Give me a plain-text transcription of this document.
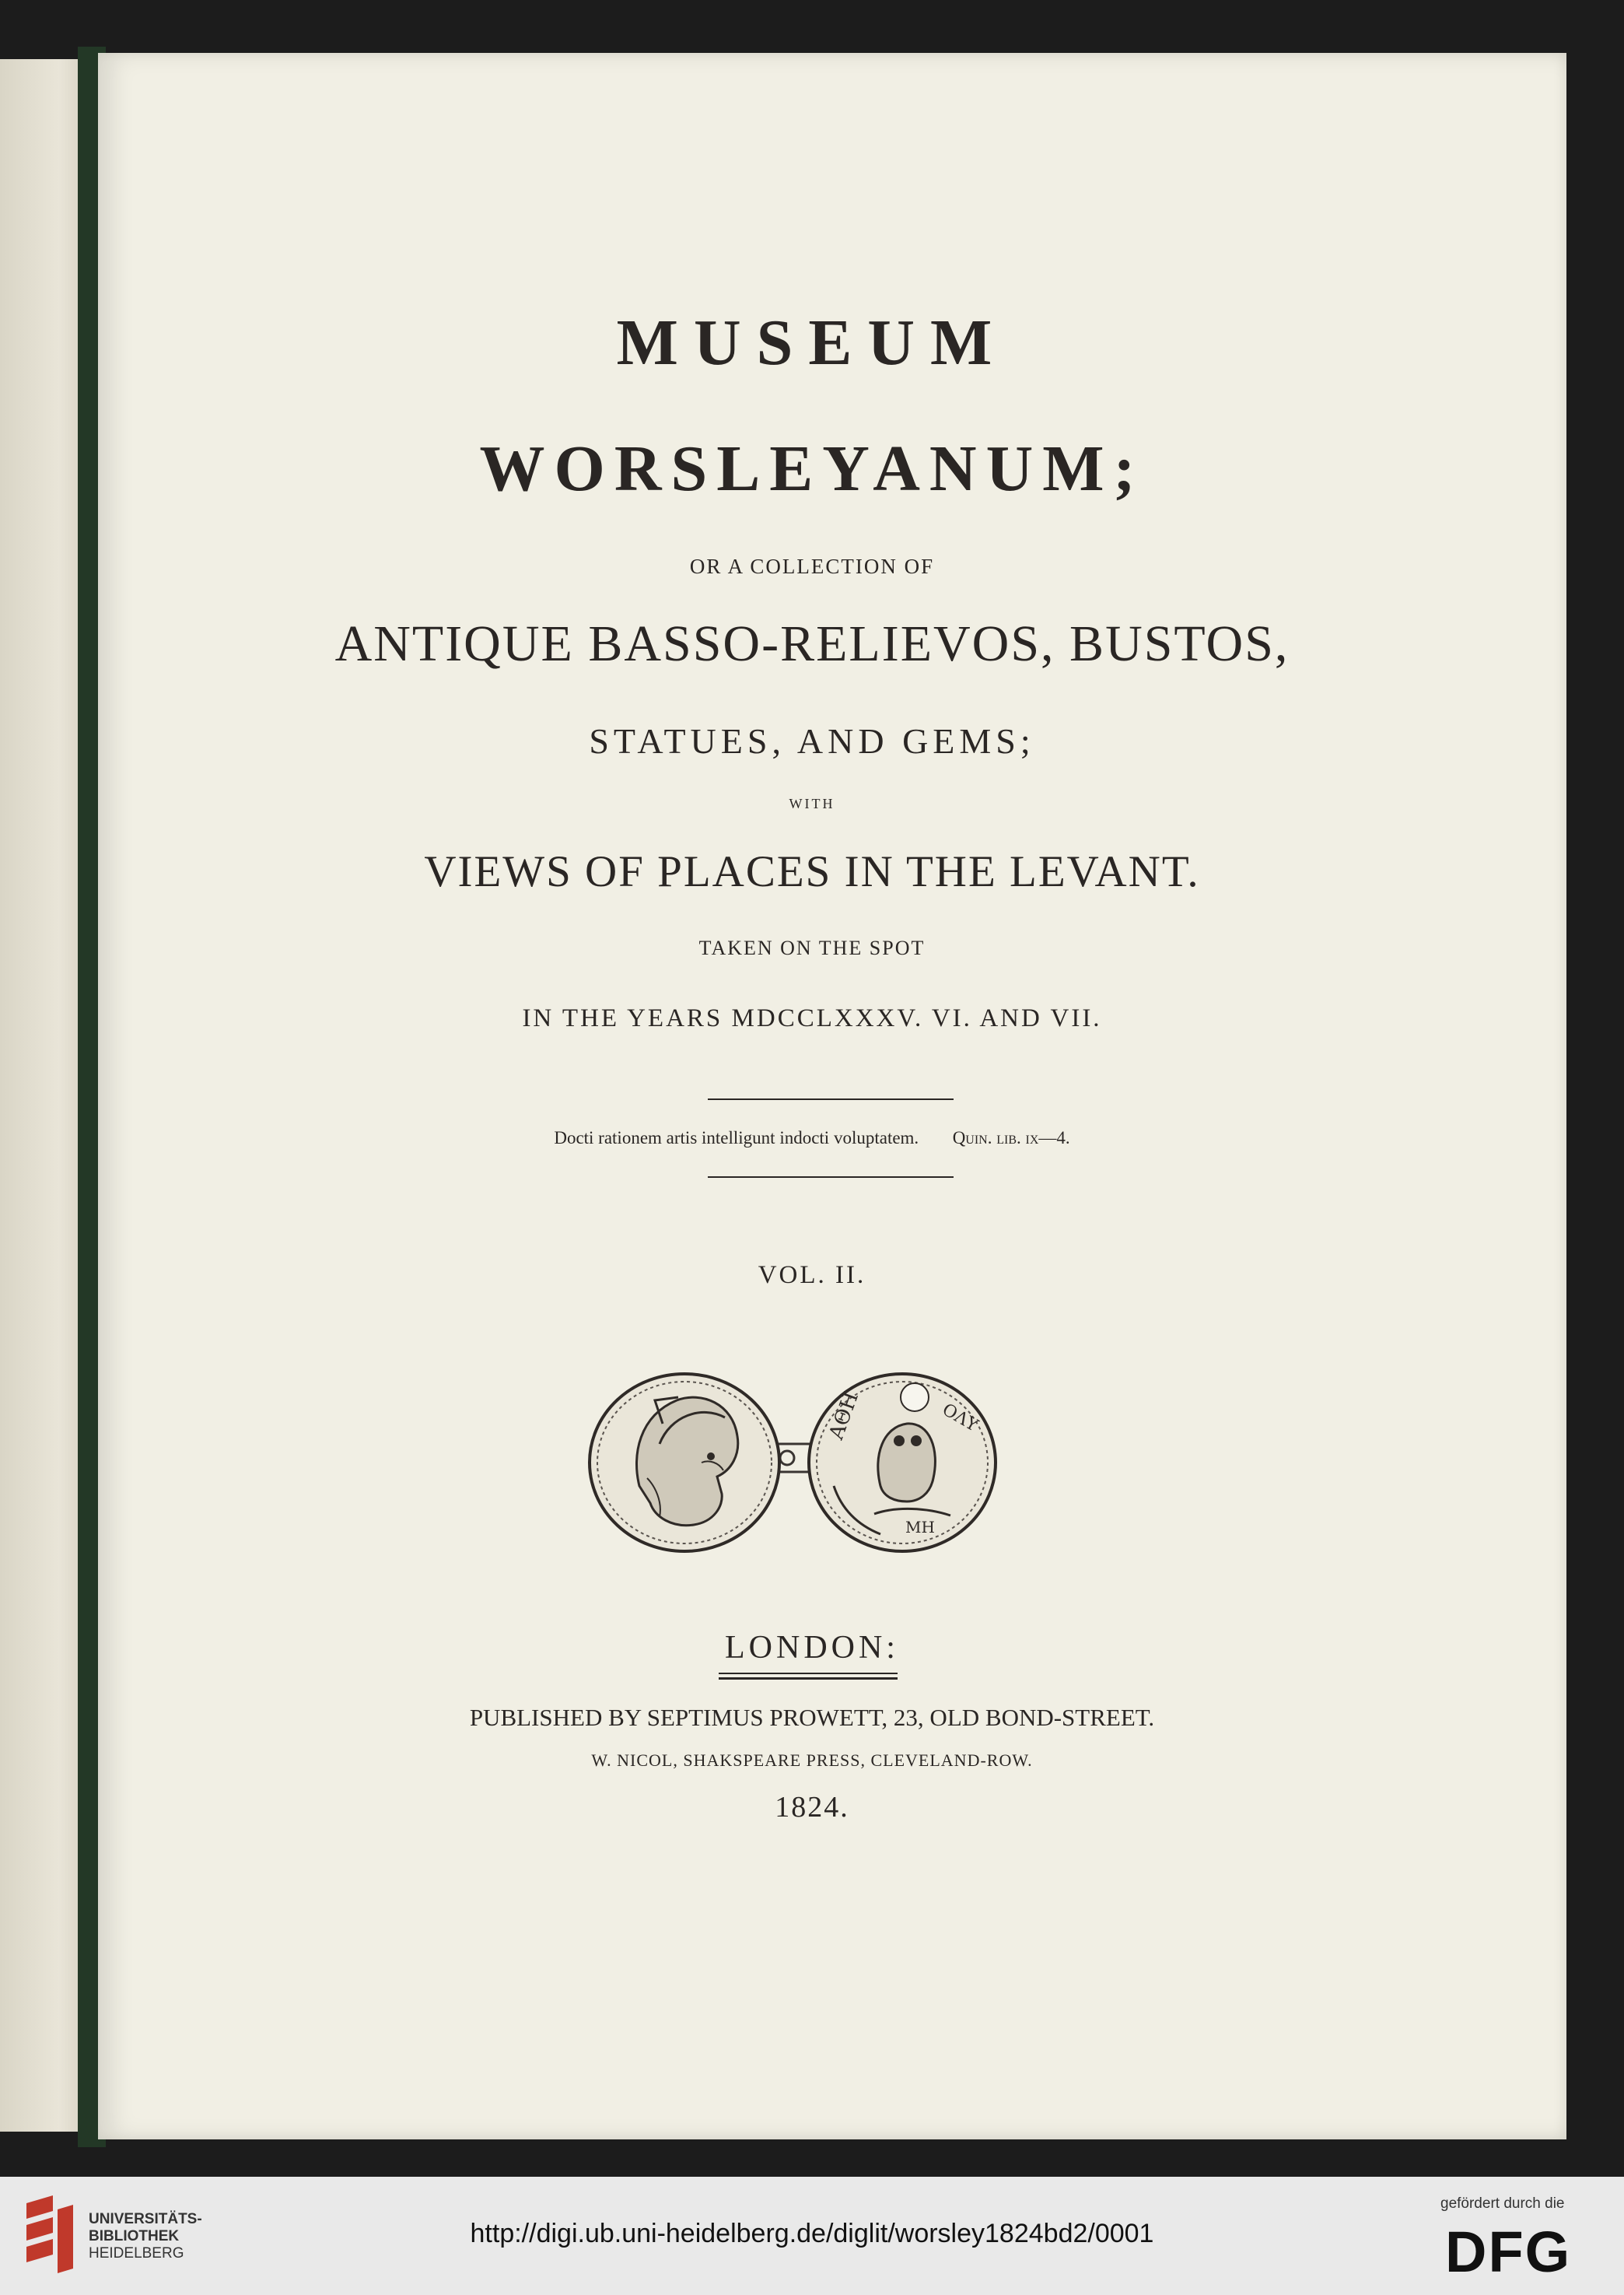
MUSEUM
WORSLEYANUM;
OR A COLLECTION OF
ANTIQUE BASSO-RELIEVOS, BUSTOS,
STATUES, AND GEMS;
WITH
VIEWS OF PLACES IN THE LEVANT.
TAKEN ON THE SPOT
IN THE YEARS MDCCLXXXV. VI. AND VII.
Docti rationem artis intelligunt indocti voluptatem. Quin. lib. ix—4.
VOL. II.
ΑΘΗ	ΟΛΥ
ΜΗ
LONDON:
PUBLISHED BY SEPTIMUS PROWETT, 23, OLD BOND-STREET.
W. NICOL, SHAKSPEARE PRESS, CLEVELAND-ROW.
1824.
UNIVERSITÄTS-
BIBLIOTHEK
HEIDELBERG
http://digi.ub.uni-heidelberg.de/diglit/worsley1824bd2/0001
gefördert durch die
DFG
